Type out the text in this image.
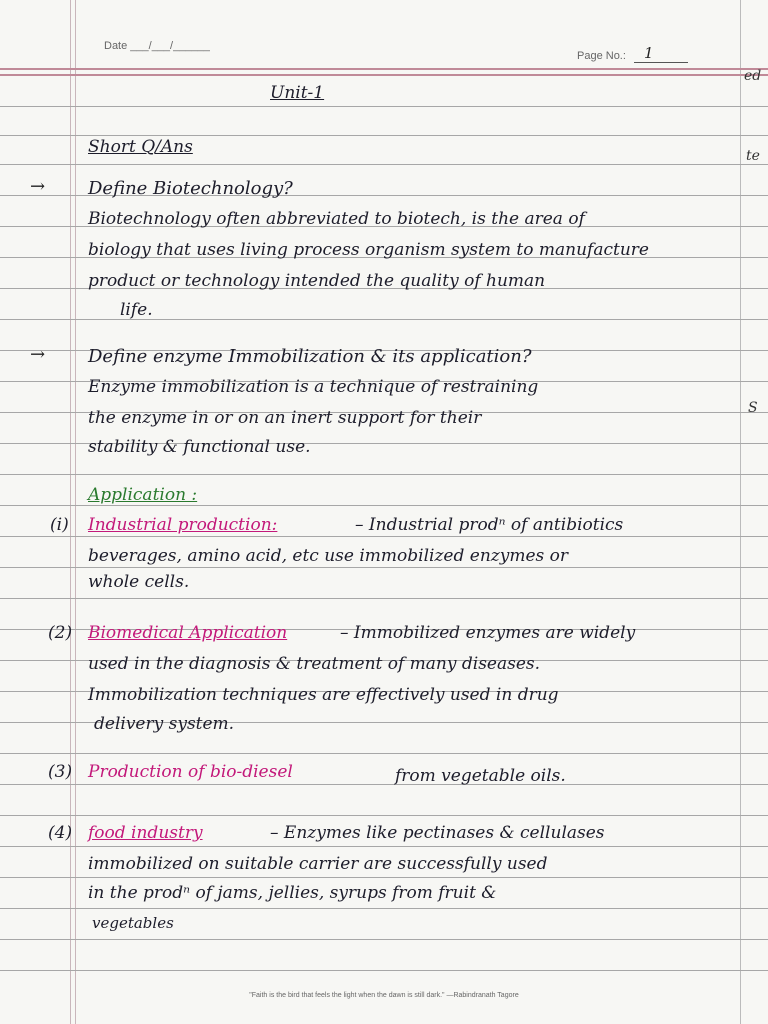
Date ___/___/______
Page No.: 1
ed
te
S
Unit-1
Short Q/Ans
→ Define Biotechnology?
Biotechnology often abbreviated to biotech, is the area of
biology that uses living process organism system to manufacture
product or technology intended the quality of human
life.
→ Define enzyme Immobilization & its application?
Enzyme immobilization is a technique of restraining
the enzyme in or on an inert support for their
stability & functional use.
Application :
(i) Industrial production:	– Industrial prodⁿ of antibiotics
beverages, amino acid, etc use immobilized enzymes or
whole cells.
(2) Biomedical Application	– Immobilized enzymes are widely
used in the diagnosis & treatment of many diseases.
Immobilization techniques are effectively used in drug
delivery system.
(3) Production of bio-diesel	from vegetable oils.
(4) food industry	– Enzymes like pectinases & cellulases
immobilized on suitable carrier are successfully used
in the prodⁿ of jams, jellies, syrups from fruit &
vegetables
"Faith is the bird that feels the light when the dawn is still dark." —Rabindranath Tagore
